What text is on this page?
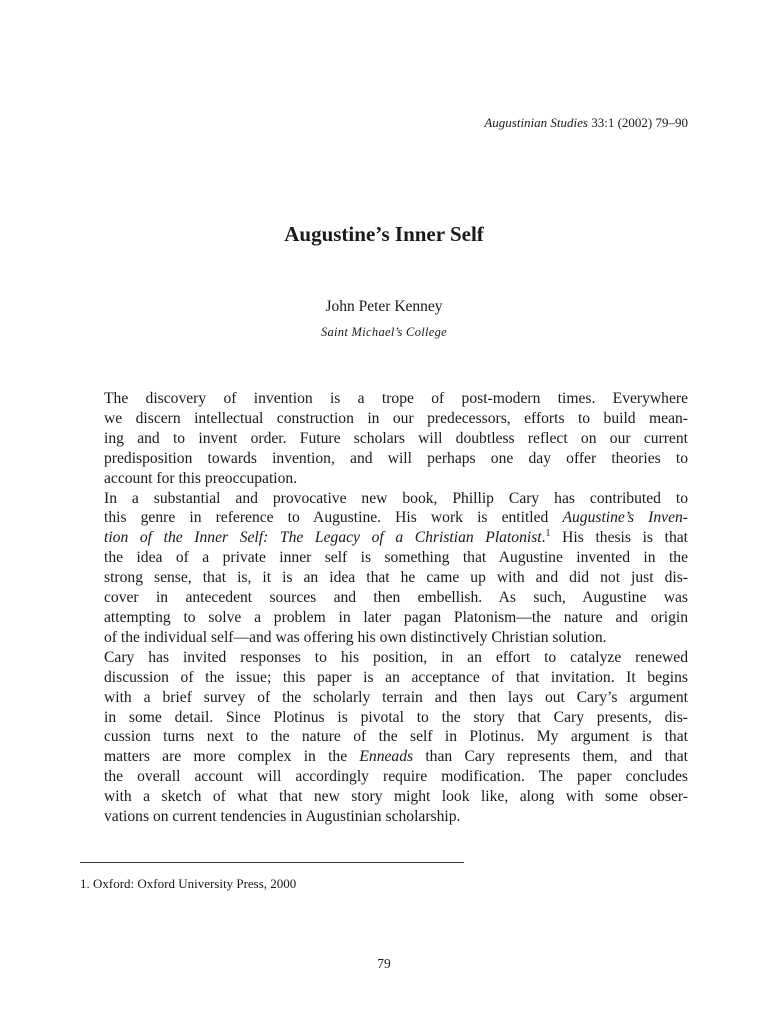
Augustinian Studies 33:1 (2002) 79–90
Augustine’s Inner Self
John Peter Kenney
Saint Michael’s College
The discovery of invention is a trope of post-modern times. Everywhere
we discern intellectual construction in our predecessors, efforts to build mean-
ing and to invent order. Future scholars will doubtless reflect on our current
predisposition towards invention, and will perhaps one day offer theories to
account for this preoccupation.
In a substantial and provocative new book, Phillip Cary has contributed to
this genre in reference to Augustine. His work is entitled Augustine’s Inven-
tion of the Inner Self: The Legacy of a Christian Platonist.$^1$ His thesis is that
the idea of a private inner self is something that Augustine invented in the
strong sense, that is, it is an idea that he came up with and did not just dis-
cover in antecedent sources and then embellish. As such, Augustine was
attempting to solve a problem in later pagan Platonism—the nature and origin
of the individual self—and was offering his own distinctively Christian solution.
Cary has invited responses to his position, in an effort to catalyze renewed
discussion of the issue; this paper is an acceptance of that invitation. It begins
with a brief survey of the scholarly terrain and then lays out Cary’s argument
in some detail. Since Plotinus is pivotal to the story that Cary presents, dis-
cussion turns next to the nature of the self in Plotinus. My argument is that
matters are more complex in the Enneads than Cary represents them, and that
the overall account will accordingly require modification. The paper concludes
with a sketch of what that new story might look like, along with some obser-
vations on current tendencies in Augustinian scholarship.
1. Oxford: Oxford University Press, 2000
79
